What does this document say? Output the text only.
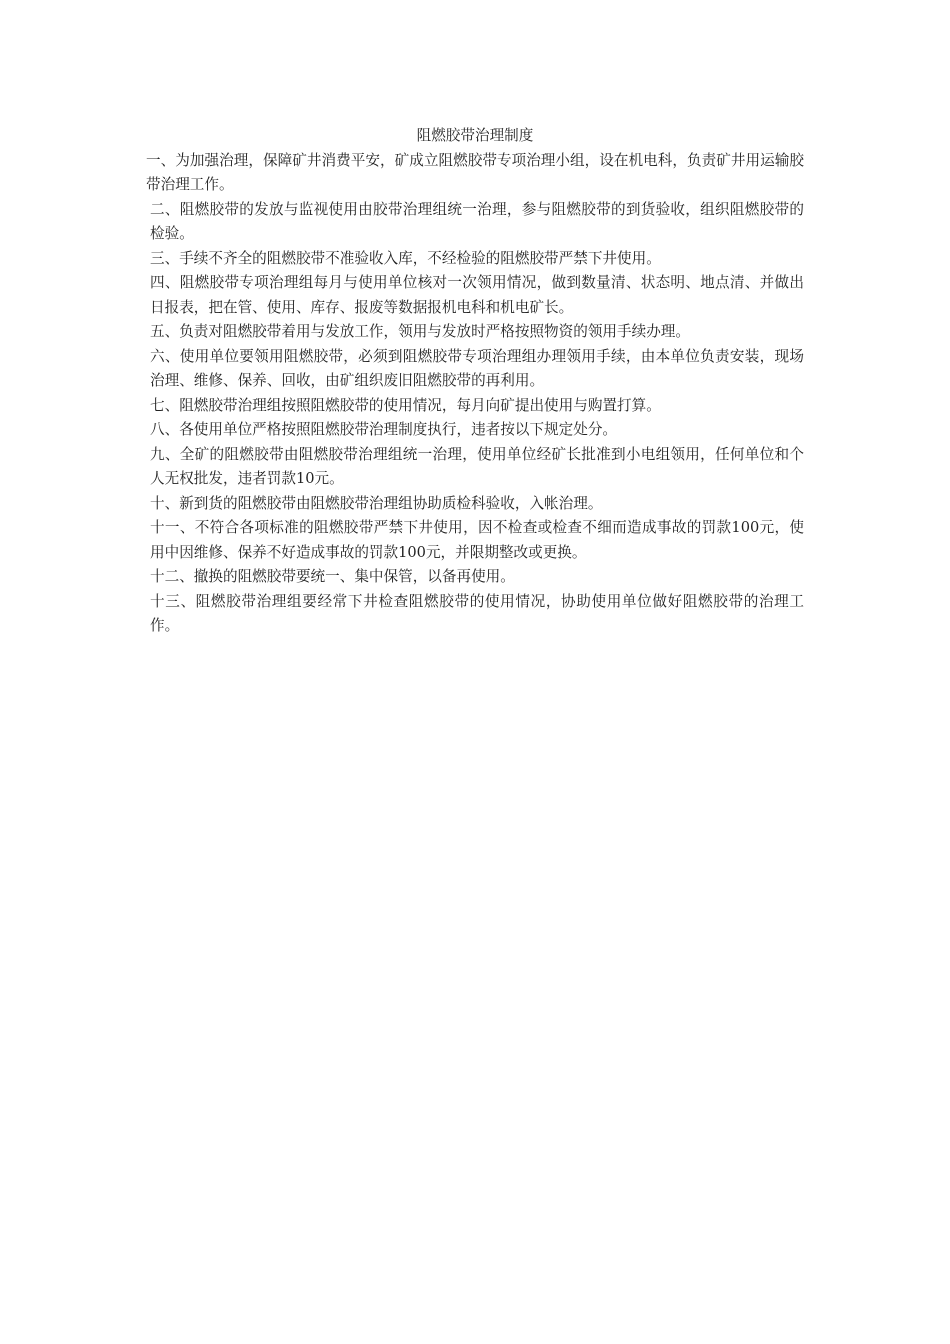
阻燃胶带治理制度

一、为加强治理，保障矿井消费平安，矿成立阻燃胶带专项治理小组，设在机电科，负责矿井用运输胶带治理工作。

二、阻燃胶带的发放与监视使用由胶带治理组统一治理，参与阻燃胶带的到货验收，组织阻燃胶带的检验。

三、手续不齐全的阻燃胶带不准验收入库，不经检验的阻燃胶带严禁下井使用。

四、阻燃胶带专项治理组每月与使用单位核对一次领用情况，做到数量清、状态明、地点清、并做出日报表，把在管、使用、库存、报废等数据报机电科和机电矿长。

五、负责对阻燃胶带着用与发放工作，领用与发放时严格按照物资的领用手续办理。

六、使用单位要领用阻燃胶带，必须到阻燃胶带专项治理组办理领用手续，由本单位负责安装，现场治理、维修、保养、回收，由矿组织废旧阻燃胶带的再利用。

七、阻燃胶带治理组按照阻燃胶带的使用情况，每月向矿提出使用与购置打算。

八、各使用单位严格按照阻燃胶带治理制度执行，违者按以下规定处分。

九、全矿的阻燃胶带由阻燃胶带治理组统一治理，使用单位经矿长批准到小电组领用，任何单位和个人无权批发，违者罚款10元。

十、新到货的阻燃胶带由阻燃胶带治理组协助质检科验收，入帐治理。

十一、不符合各项标准的阻燃胶带严禁下井使用，因不检查或检查不细而造成事故的罚款100元，使用中因维修、保养不好造成事故的罚款100元，并限期整改或更换。

十二、撤换的阻燃胶带要统一、集中保管，以备再使用。

十三、阻燃胶带治理组要经常下井检查阻燃胶带的使用情况，协助使用单位做好阻燃胶带的治理工作。
